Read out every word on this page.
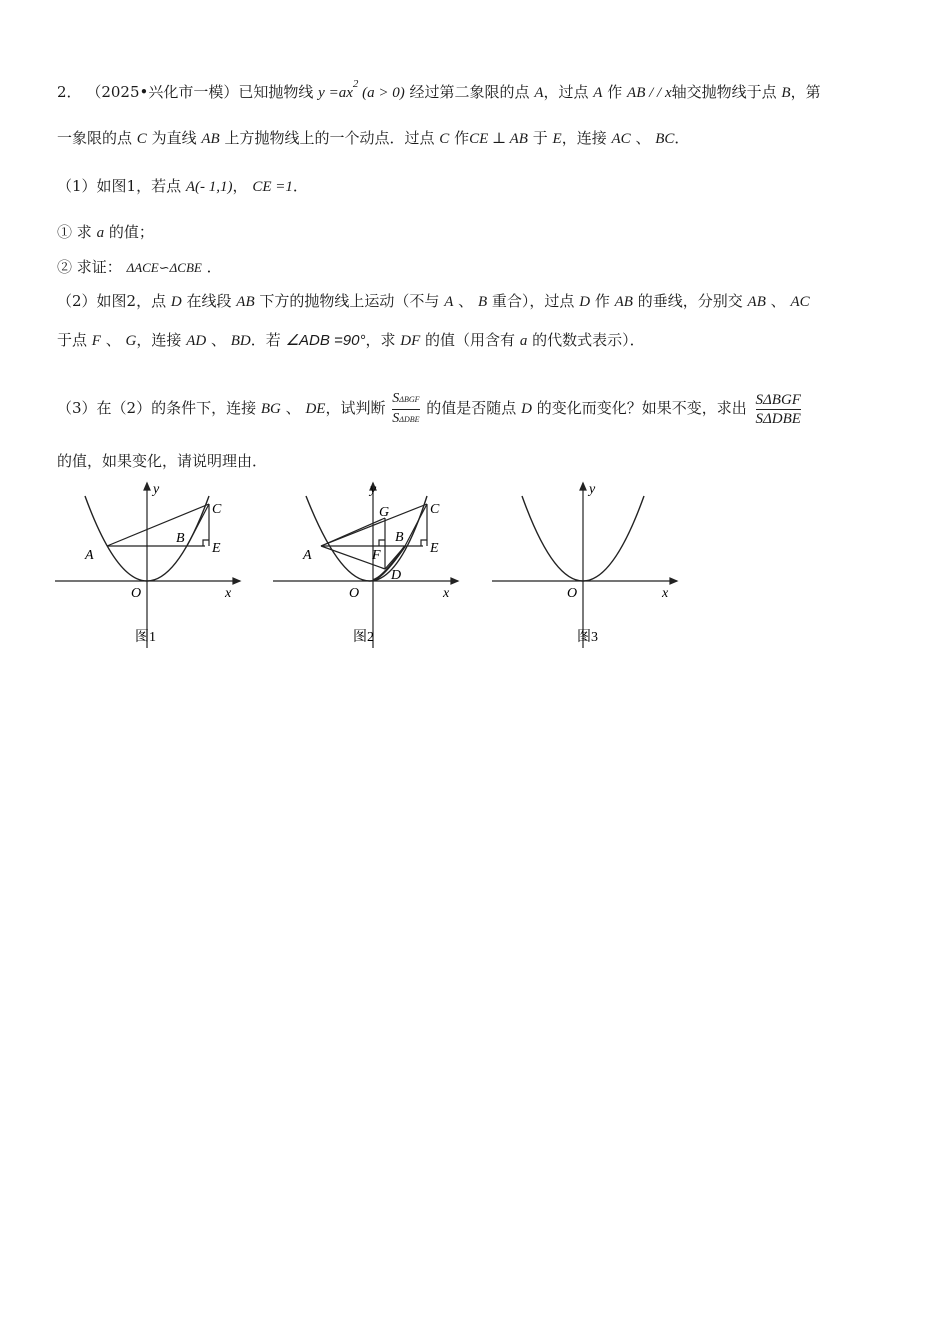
2． （2025•兴化市一模）已知抛物线 $y =ax^2$ (a > 0) 经过第二象限的点 A，过点 A 作 AB / / x轴交抛物线于点 B，第
一象限的点 C 为直线 AB 上方抛物线上的一个动点．过点 C 作CE ⊥ AB 于 E，连接 AC 、 BC．
（1）如图1，若点 A(- 1,1)， CE =1．
① 求 a 的值；
② 求证： ΔACE∽ΔCBE ．
（2）如图2，点 D 在线段 AB 下方的抛物线上运动（不与 A 、 B 重合），过点 D 作 AB 的垂线，分别交 AB 、 AC
于点 F 、 G，连接 AD 、 BD．若 ∠ADB =90°，求 DF 的值（用含有 a 的代数式表示）．
（3）在（2）的条件下，连接 BG 、 DE，试判断 $\frac{\text{SΔBGF}}{\text{SΔDBE}}$ 的值是否随点 D 的变化而变化？如果不变，求出 $\frac{\text{SΔBGF}}{\text{SΔDBE}}$
的值，如果变化，请说明理由．
y
x
O
A
B
C
E
图1
y
x
O
A
B
C
E
G
F
D
图2
y
x
O
图3
